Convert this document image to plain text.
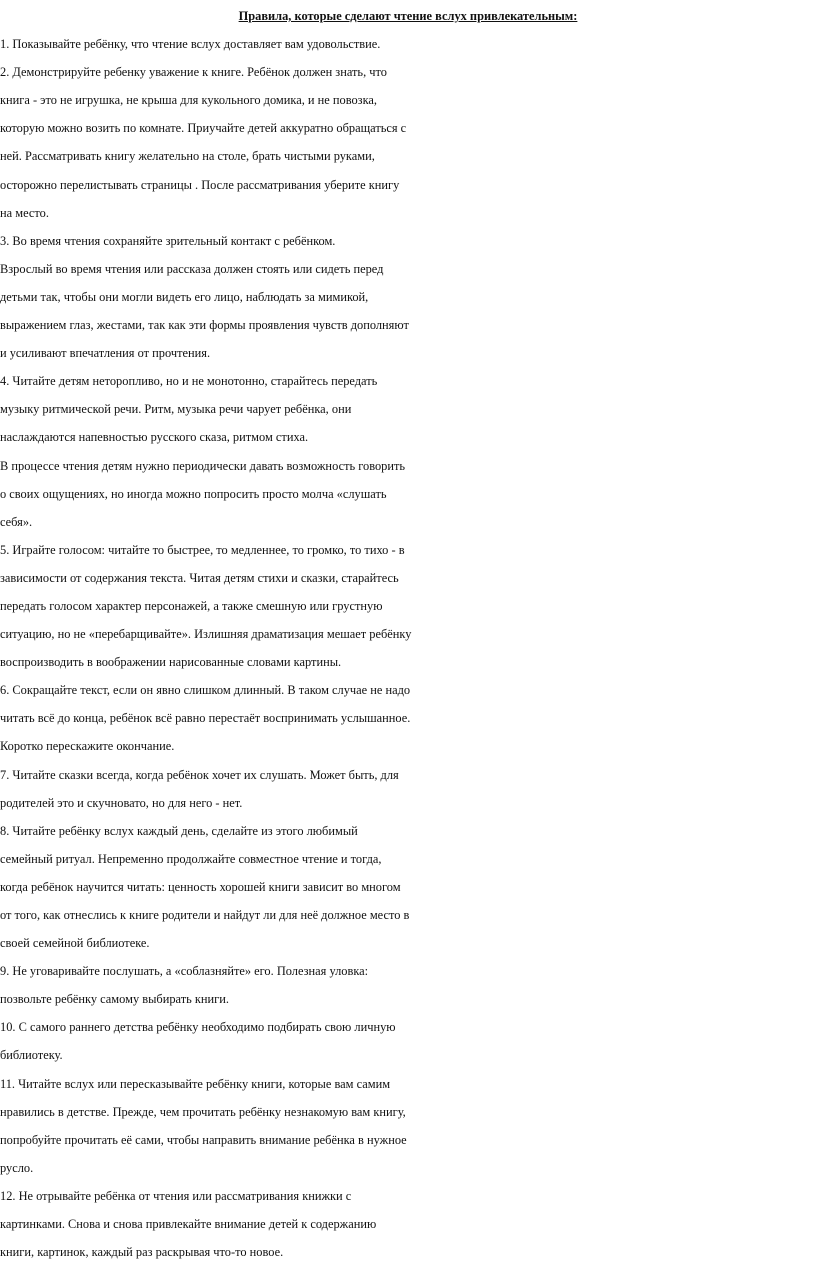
Правила, которые сделают чтение вслух привлекательным:
1. Показывайте ребёнку, что чтение вслух доставляет вам удовольствие.
2. Демонстрируйте ребенку уважение к книге. Ребёнок должен знать, что
книга - это не игрушка, не крыша для кукольного домика, и не повозка,
которую можно возить по комнате. Приучайте детей аккуратно обращаться с
ней. Рассматривать книгу желательно на столе, брать чистыми руками,
осторожно перелистывать страницы . После рассматривания уберите книгу
на место.
3. Во время чтения сохраняйте зрительный контакт с ребёнком.
Взрослый во время чтения или рассказа должен стоять или сидеть перед
детьми так, чтобы они могли видеть его лицо, наблюдать за мимикой,
выражением глаз, жестами, так как эти формы проявления чувств дополняют
и усиливают впечатления от прочтения.
4. Читайте детям неторопливо, но и не монотонно, старайтесь передать
музыку ритмической речи. Ритм, музыка речи чарует ребёнка, они
наслаждаются напевностью русского сказа, ритмом стиха.
В процессе чтения детям нужно периодически давать возможность говорить
о своих ощущениях, но иногда можно попросить просто молча «слушать
себя».
5. Играйте голосом: читайте то быстрее, то медленнее, то громко, то тихо - в
зависимости от содержания текста. Читая детям стихи и сказки, старайтесь
передать голосом характер персонажей, а также смешную или грустную
ситуацию, но не «перебарщивайте». Излишняя драматизация мешает ребёнку
воспроизводить в воображении нарисованные словами картины.
6. Сокращайте текст, если он явно слишком длинный. В таком случае не надо
читать всё до конца, ребёнок всё равно перестаёт воспринимать услышанное.
Коротко перескажите окончание.
7. Читайте сказки всегда, когда ребёнок хочет их слушать. Может быть, для
родителей это и скучновато, но для него - нет.
8. Читайте ребёнку вслух каждый день, сделайте из этого любимый
семейный ритуал. Непременно продолжайте совместное чтение и тогда,
когда ребёнок научится читать: ценность хорошей книги зависит во многом
от того, как отнеслись к книге родители и найдут ли для неё должное место в
своей семейной библиотеке.
9. Не уговаривайте послушать, а «соблазняйте» его. Полезная уловка:
позвольте ребёнку самому выбирать книги.
10. С самого раннего детства ребёнку необходимо подбирать свою личную
библиотеку.
11. Читайте вслух или пересказывайте ребёнку книги, которые вам самим
нравились в детстве. Прежде, чем прочитать ребёнку незнакомую вам книгу,
попробуйте прочитать её сами, чтобы направить внимание ребёнка в нужное
русло.
12. Не отрывайте ребёнка от чтения или рассматривания книжки с
картинками. Снова и снова привлекайте внимание детей к содержанию
книги, картинок, каждый раз раскрывая что-то новое.
